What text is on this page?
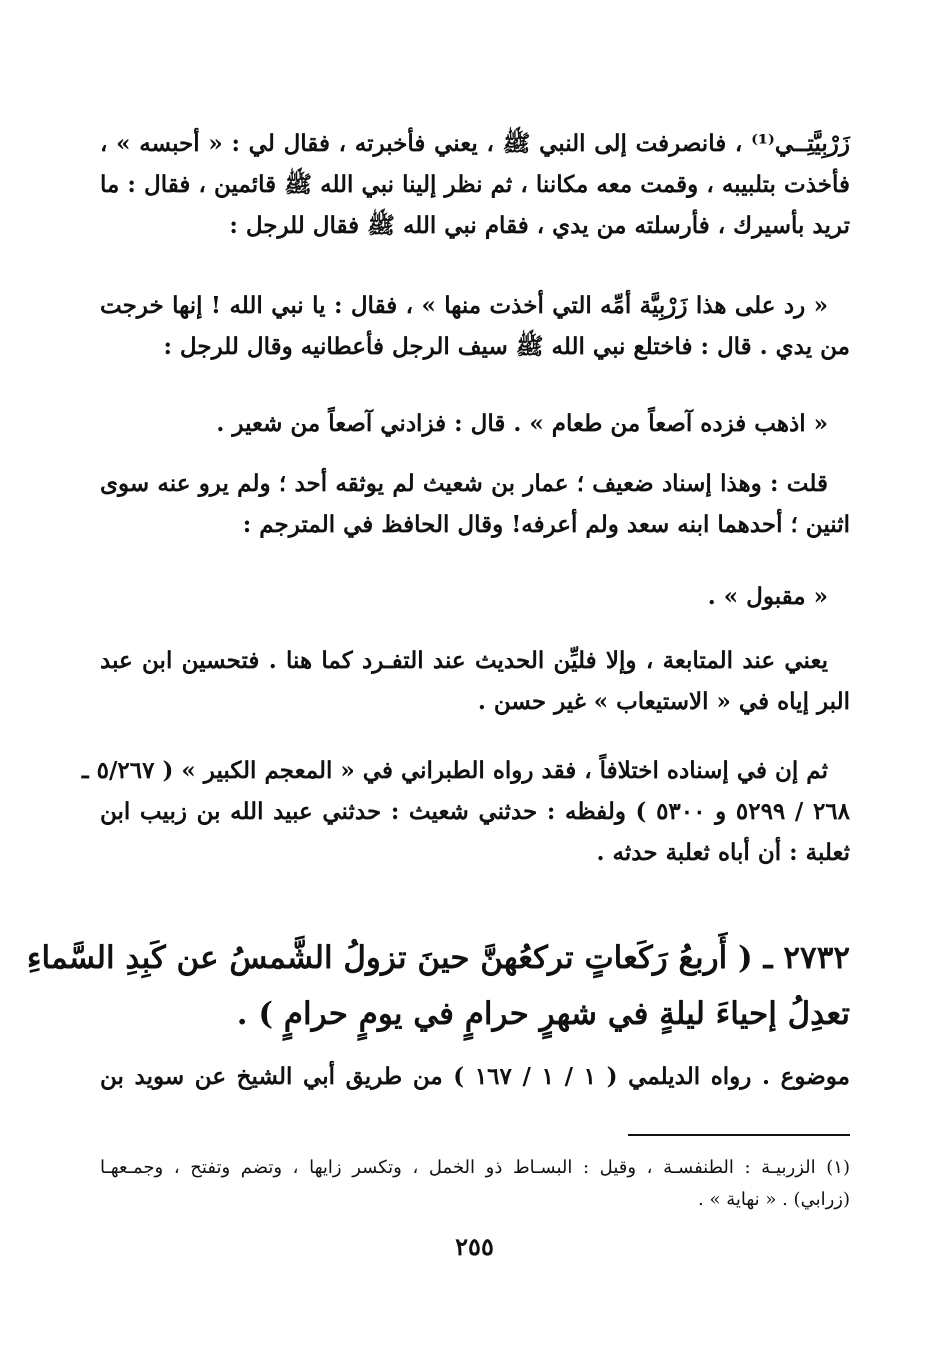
زَرْبِيَّتِــي⁽¹⁾ ، فانصرفت إلى النبي ﷺ ، يعني فأخبرته ، فقال لي : « أحبسه » ،
فأخذت بتلبيبه ، وقمت معه مكاننا ، ثم نظر إلينا نبي الله ﷺ قائمين ، فقال : ما
تريد بأسيرك ، فأرسلته من يدي ، فقام نبي الله ﷺ فقال للرجل :
« رد على هذا زَرْبِيَّة أمِّه التي أخذت منها » ، فقال : يا نبي الله ! إنها خرجت
من يدي . قال : فاختلع نبي الله ﷺ سيف الرجل فأعطانيه وقال للرجل :
« اذهب فزده آصعاً من طعام » . قال : فزادني آصعاً من شعير .
قلت : وهذا إسناد ضعيف ؛ عمار بن شعيث لم يوثقه أحد ؛ ولم يرو عنه سوى
اثنين ؛ أحدهما ابنه سعد ولم أعرفه! وقال الحافظ في المترجم :
« مقبول » .
يعني عند المتابعة ، وإلا فليِّن الحديث عند التفـرد كما هنا . فتحسين ابن عبد
البر إياه في « الاستيعاب » غير حسن .
ثم إن في إسناده اختلافاً ، فقد رواه الطبراني في « المعجم الكبير » ( ٥/٢٦٧ ـ
٢٦٨ / ٥٢٩٩ و ٥٣٠٠ ) ولفظه : حدثني شعيث : حدثني عبيد الله بن زبيب ابن
ثعلبة : أن أباه ثعلبة حدثه .
٢٧٣٢ ـ ( أَربعُ رَكَعاتٍ تركعُهنَّ حينَ تزولُ الشَّمسُ عن كَبِدِ السَّماءِ
تعدِلُ إحياءَ ليلةٍ في شهرٍ حرامٍ في يومٍ حرامٍ ) .
موضوع . رواه الديلمي ( ١ / ١ / ١٦٧ ) من طريق أبي الشيخ عن سويد بن
(١) الزربيـة : الطنفسـة ، وقيل : البسـاط ذو الخمل ، وتكسر زايها ، وتضم وتفتح ، وجمـعهـا
(زرابي) . « نهاية » .
٢٥٥
